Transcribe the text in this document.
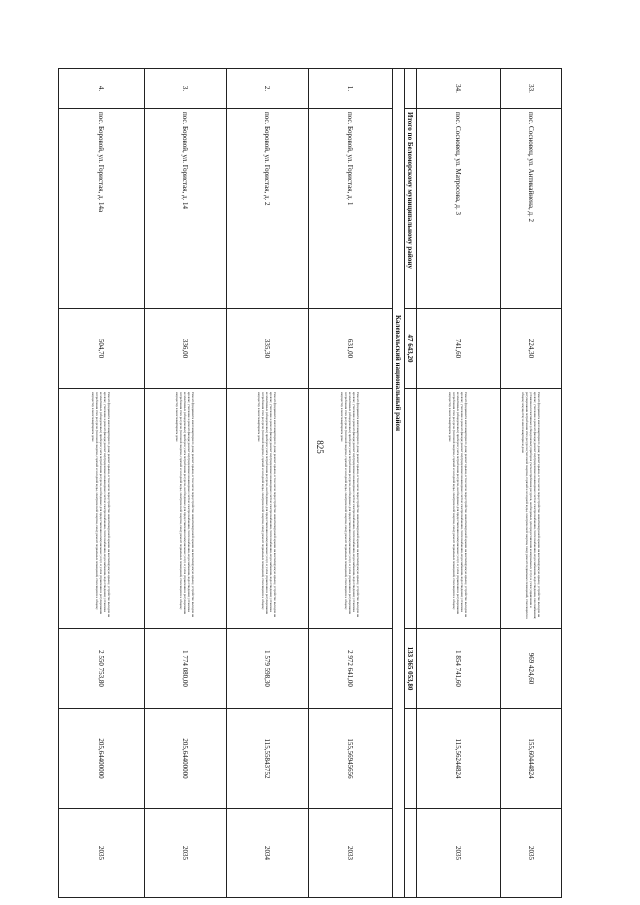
825
33.
пос. Сосновец, ул. Антикайнена, д. 2
224,30
Ремонт фундамента многоквартирного дома; ремонт крыши, в том числе переустройство невентилируемой крыши на вентилируемую крышу, устройство выходов на кровлю; утепление и ремонт фасада; ремонт внутридомовых инженерных систем электроснабжения, теплоснабжения, водоснабжения, водоотведения, газоснабжения; установка коллективных (общедомовых) приборов учета потребления ресурсов, необходимых для предоставления коммунальных услуг, и узлов управления и регулирования потребления этих ресурсов (тепловой энергии, горячей и холодной воды, электрической энергии, газа); ремонт подвальных помещений, относящихся к общему имуществу в многоквартирном доме
969 424,60
155,60444824
2035
34.
пос. Сосновец, ул. Матросова, д. 3
741,60
Ремонт фундамента многоквартирного дома; ремонт крыши, в том числе переустройство невентилируемой крыши на вентилируемую крышу, устройство выходов на кровлю; утепление и ремонт фасада; ремонт внутридомовых инженерных систем электроснабжения, теплоснабжения, водоснабжения, водоотведения; установка коллективных (общедомовых) приборов учета потребления ресурсов, необходимых для предоставления коммунальных услуг, и узлов управления и регулирования потребления этих ресурсов (тепловой энергии, горячей и холодной воды, электрической энергии, газа); ремонт подвальных помещений, относящихся к общему имуществу в многоквартирном доме
1 854 741,60
115,56244824
2035
Итого по Беломорскому муниципальному району
47 643,20
133 365 053,80
Калевальский национальный район
1.
пос. Боровой, ул. Гористая, д. 1
631,00
Ремонт фундамента многоквартирного дома; ремонт крыши, в том числе переустройство невентилируемой крыши на вентилируемую крышу, устройство выходов на кровлю; утепление и ремонт фасада; ремонт внутридомовых инженерных систем электроснабжения, теплоснабжения, водоснабжения, водоотведения; установка коллективных (общедомовых) приборов учета потребления ресурсов, необходимых для предоставления коммунальных услуг, и узлов управления и регулирования потребления этих ресурсов (тепловой энергии, горячей и холодной воды, электрической энергии, газа); ремонт подвальных помещений, относящихся к общему имуществу в многоквартирном доме
2 972 641,00
155,56945656
2033
2.
пос. Боровой, ул. Гористая, д. 2
335,30
Ремонт фундамента многоквартирного дома; ремонт крыши, в том числе переустройство невентилируемой крыши на вентилируемую крышу, устройство выходов на кровлю; утепление и ремонт фасада; ремонт внутридомовых инженерных систем электроснабжения, теплоснабжения, водоснабжения, водоотведения; установка коллективных (общедомовых) приборов учета потребления ресурсов, необходимых для предоставления коммунальных услуг, и узлов управления и регулирования потребления этих ресурсов (тепловой энергии, горячей и холодной воды, электрической энергии, газа); ремонт подвальных помещений, относящихся к общему имуществу в многоквартирном доме
1 579 598,30
115,55843752
2034
3.
пос. Боровой, ул. Гористая, д. 14
336,00
Ремонт фундамента многоквартирного дома; ремонт крыши, в том числе переустройство невентилируемой крыши на вентилируемую крышу, устройство выходов на кровлю; утепление и ремонт фасада; ремонт внутридомовых инженерных систем электроснабжения, теплоснабжения, водоснабжения, водоотведения; установка коллективных (общедомовых) приборов учета потребления ресурсов, необходимых для предоставления коммунальных услуг, и узлов управления и регулирования потребления этих ресурсов (тепловой энергии, горячей и холодной воды, электрической энергии, газа); ремонт подвальных помещений, относящихся к общему имуществу в многоквартирном доме
1 774 080,00
205,64400000
2035
4.
пос. Боровой, ул. Гористая, д. 14а
504,70
Ремонт фундамента многоквартирного дома; ремонт крыши, в том числе переустройство невентилируемой крыши на вентилируемую крышу, устройство выходов на кровлю; утепление и ремонт фасада; ремонт внутридомовых инженерных систем электроснабжения, теплоснабжения, водоснабжения, водоотведения; установка коллективных (общедомовых) приборов учета потребления ресурсов, необходимых для предоставления коммунальных услуг, и узлов управления и регулирования потребления этих ресурсов (тепловой энергии, горячей и холодной воды, электрической энергии, газа); ремонт подвальных помещений, относящихся к общему имуществу в многоквартирном доме
2 550 753,80
205,64400000
2035
